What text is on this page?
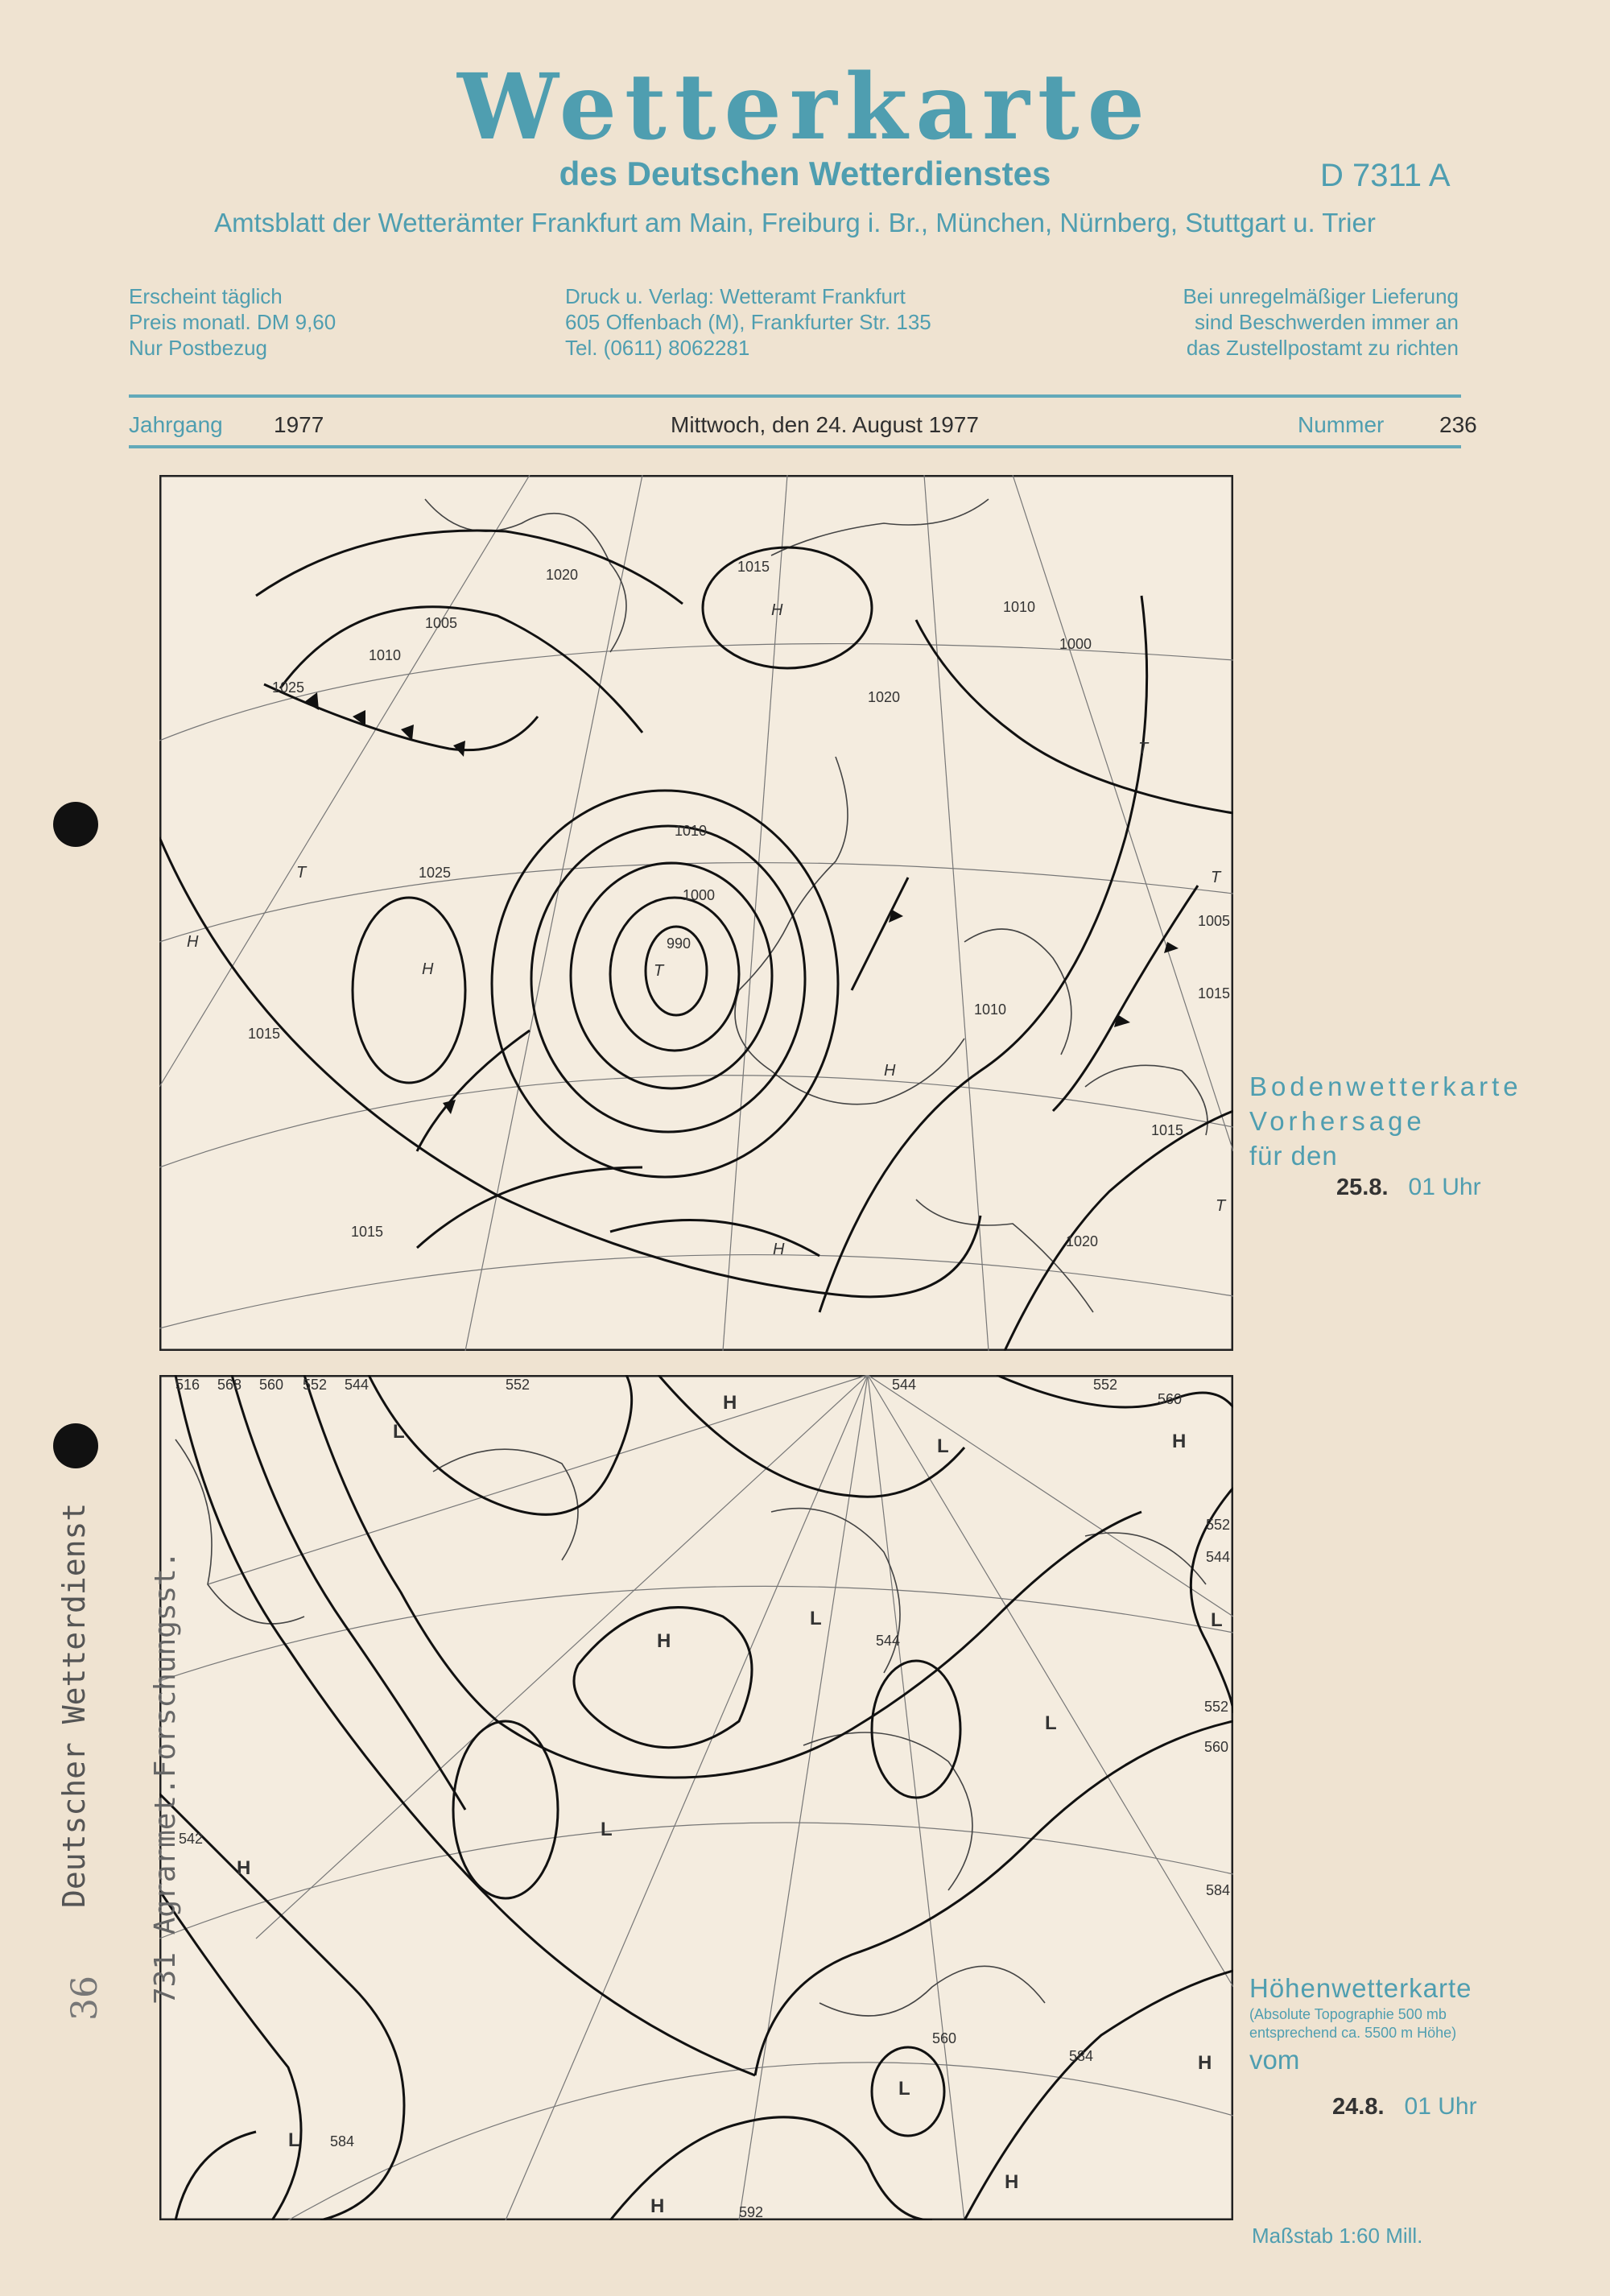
Wetterkarte
des Deutschen Wetterdienstes	D 7311 A
Amtsblatt der Wetterämter Frankfurt am Main, Freiburg i. Br., München, Nürnberg, Stuttgart u. Trier
Erscheint täglich
Preis monatl. DM 9,60
Nur Postbezug
Druck u. Verlag: Wetteramt Frankfurt
605 Offenbach (M), Frankfurter Str. 135
Tel. (0611) 8062281
Bei unregelmäßiger Lieferung
sind Beschwerden immer an
das Zustellpostamt zu richten
Jahrgang 1977	Mittwoch, den 24. August 1977	Nummer 236
990
1000
1010
1005
1010
1025
1020	1015
1025
1015
1020
1010
1000
1005
1015
1010
1015
1020
1015
H
H
H
T
T
T
H
T
T
H
Bodenwetterkarte
Vorhersage
für den
25.8. 01 Uhr
516 568 560 552 544	552	544	552
560
552
544
552
560
584
544
560
584
584
542
592
L
H
L	H
L	L
L
H
L
L
H
H
L
H
H
Höhenwetterkarte
(Absolute Topographie 500 mb
entsprechend ca. 5500 m Höhe)
vom
24.8. 01 Uhr
Maßstab 1:60 Mill.
Deutscher Wetterdienst 731 Agrarmet.Forschungsst.
36
